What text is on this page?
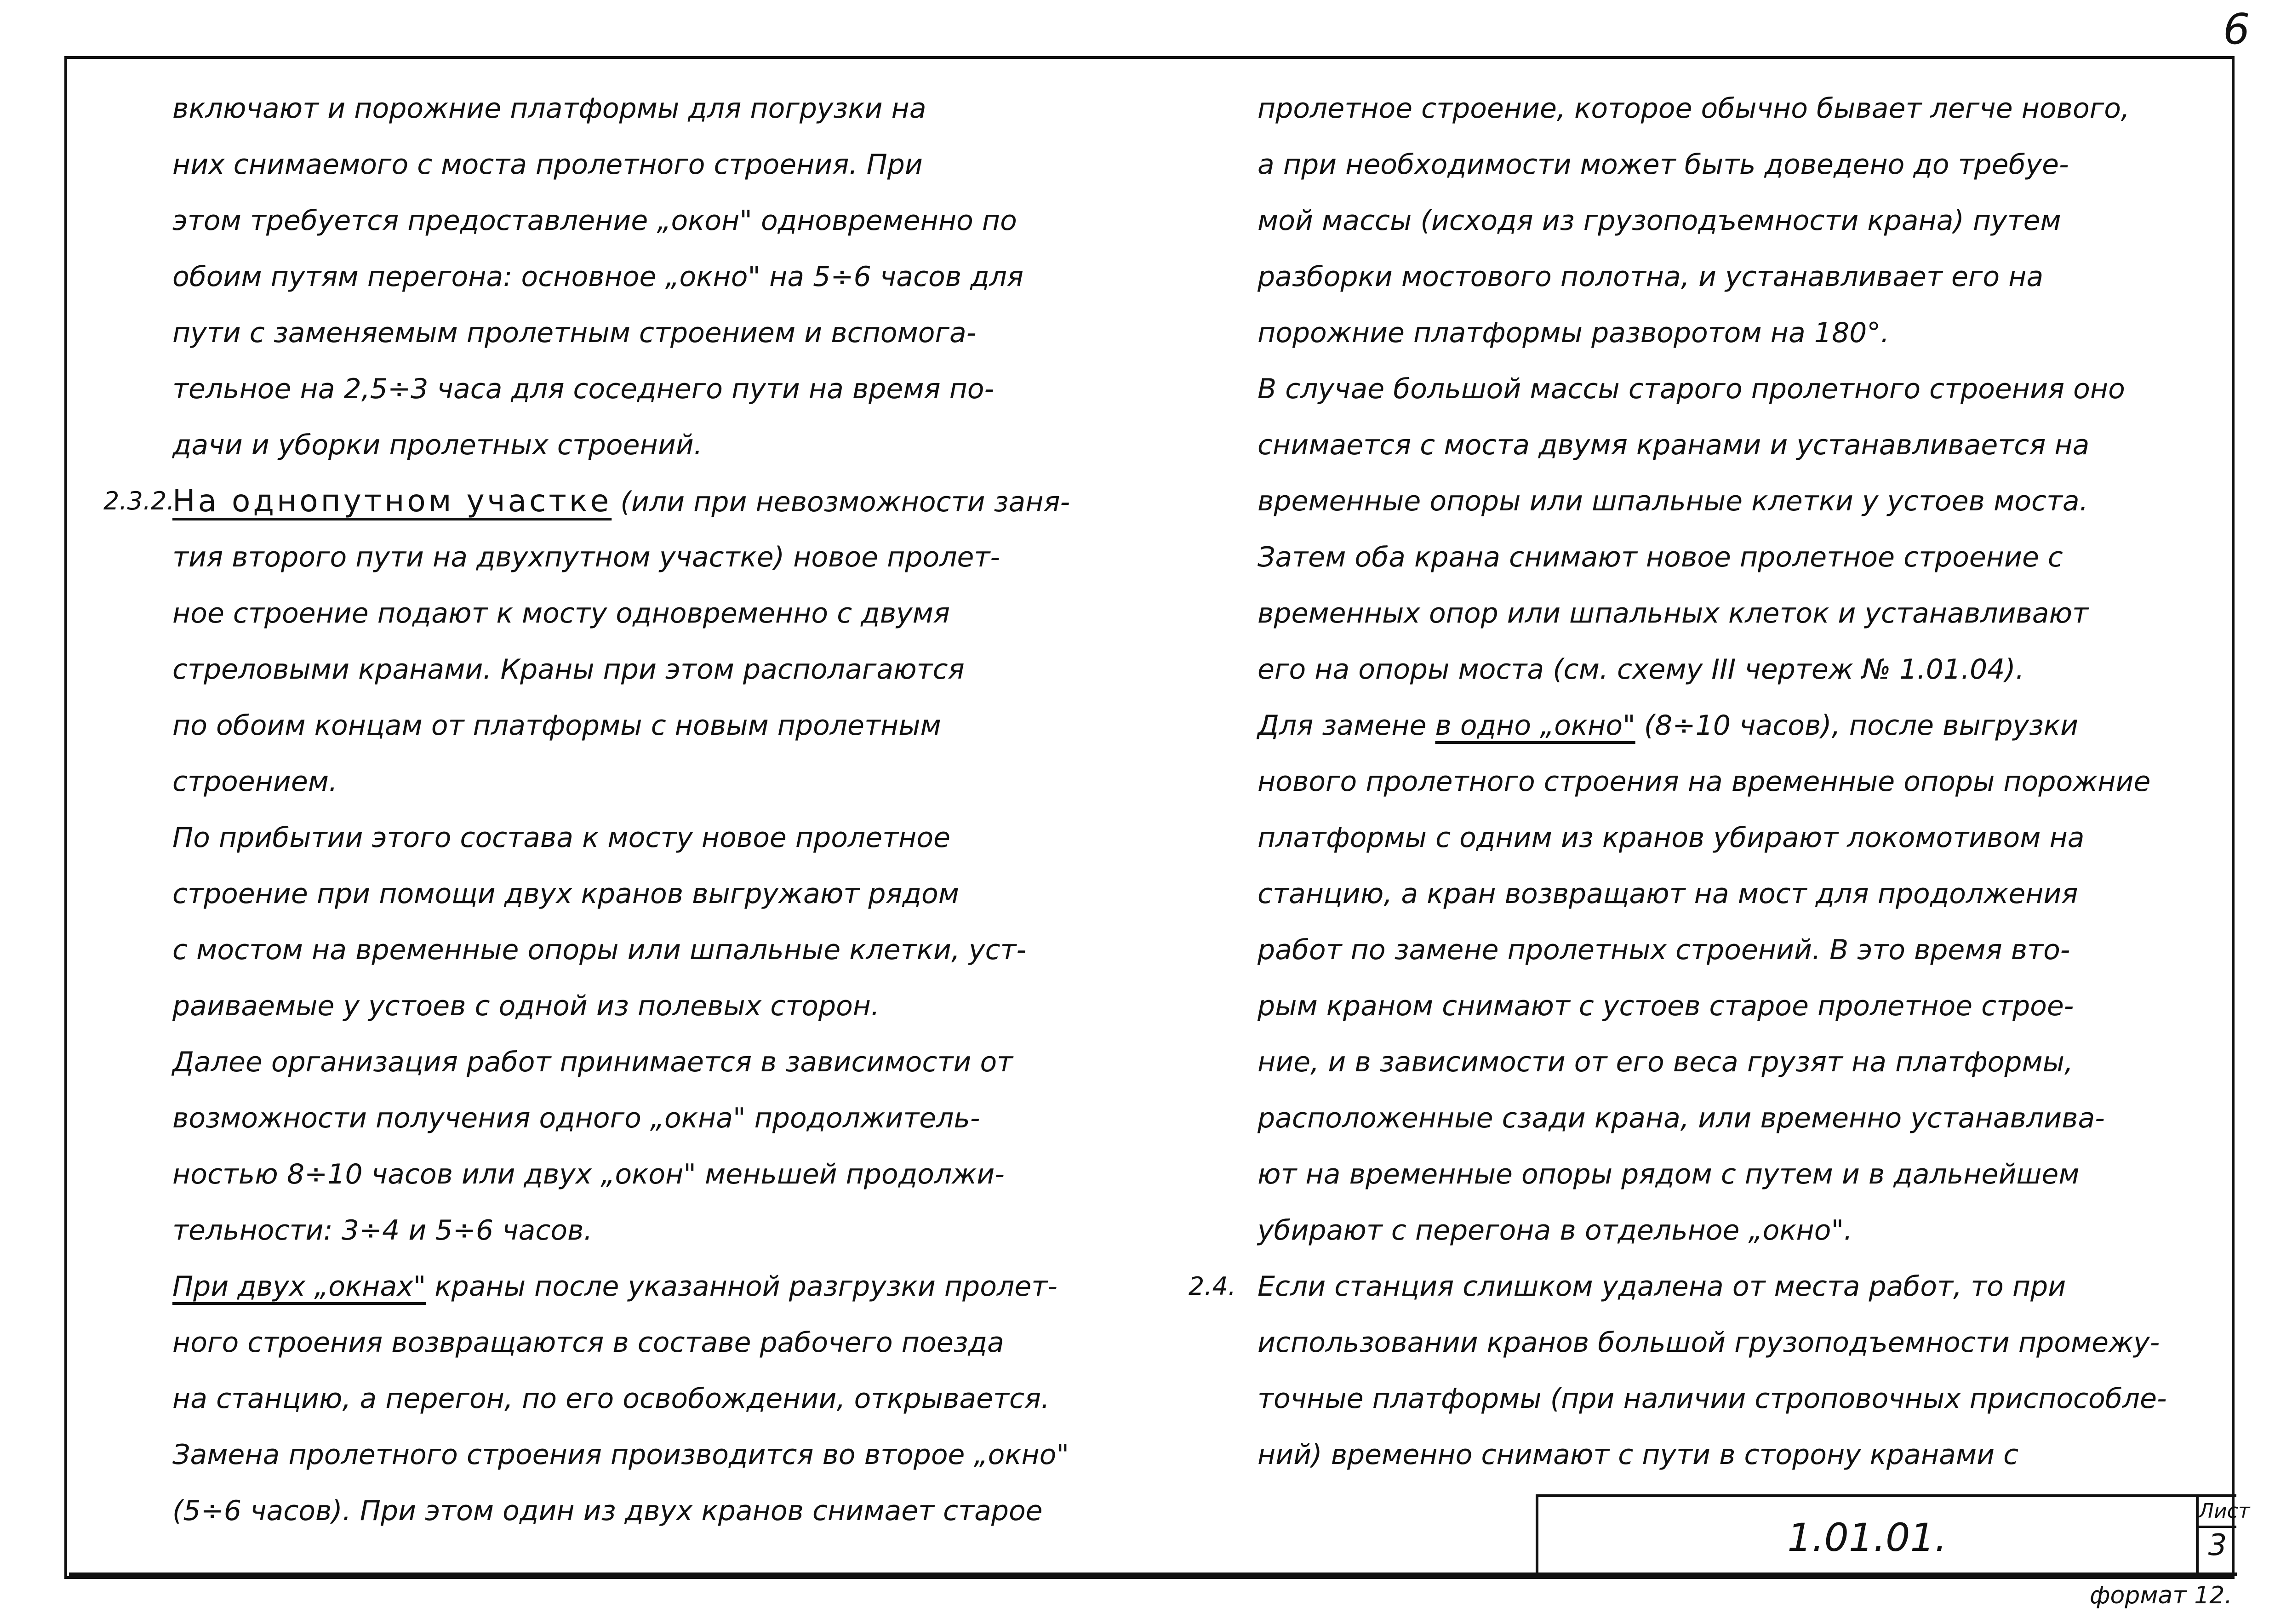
6
включают и порожние платформы для погрузки на
них снимаемого с моста пролетного строения. При
этом требуется предоставление „окон" одновременно по
обоим путям перегона: основное „окно" на 5÷6 часов для
пути с заменяемым пролетным строением и вспомога-
тельное на 2,5÷3 часа для соседнего пути на время по-
дачи и уборки пролетных строений.
2.3.2.
На однопутном участке (или при невозможности заня-
тия второго пути на двухпутном участке) новое пролет-
ное строение подают к мосту одновременно с двумя
стреловыми кранами. Краны при этом располагаются
по обоим концам от платформы с новым пролетным
строением.
По прибытии этого состава к мосту новое пролетное
строение при помощи двух кранов выгружают рядом
с мостом на временные опоры или шпальные клетки, уст-
раиваемые у устоев с одной из полевых сторон.
Далее организация работ принимается в зависимости от
возможности получения одного „окна" продолжитель-
ностью 8÷10 часов или двух „окон" меньшей продолжи-
тельности: 3÷4 и 5÷6 часов.
При двух „окнах" краны после указанной разгрузки пролет-
ного строения возвращаются в составе рабочего поезда
на станцию, а перегон, по его освобождении, открывается.
Замена пролетного строения производится во второе „окно"
(5÷6 часов). При этом один из двух кранов снимает старое
пролетное строение, которое обычно бывает легче нового,
а при необходимости может быть доведено до требуе-
мой массы (исходя из грузоподъемности крана) путем
разборки мостового полотна, и устанавливает его на
порожние платформы разворотом на 180°.
В случае большой массы старого пролетного строения оно
снимается с моста двумя кранами и устанавливается на
временные опоры или шпальные клетки у устоев моста.
Затем оба крана снимают новое пролетное строение с
временных опор или шпальных клеток и устанавливают
его на опоры моста (см. схему III чертеж № 1.01.04).
Для замене в одно „окно" (8÷10 часов), после выгрузки
нового пролетного строения на временные опоры порожние
платформы с одним из кранов убирают локомотивом на
станцию, а кран возвращают на мост для продолжения
работ по замене пролетных строений. В это время вто-
рым краном снимают с устоев старое пролетное строе-
ние, и в зависимости от его веса грузят на платформы,
расположенные сзади крана, или временно устанавлива-
ют на временные опоры рядом с путем и в дальнейшем
убирают с перегона в отдельное „окно".
2.4. Если станция слишком удалена от места работ, то при
использовании кранов большой грузоподъемности промежу-
точные платформы (при наличии строповочных приспособле-
ний) временно снимают с пути в сторону кранами с
1.01.01.
Лист
3
формат 12.
